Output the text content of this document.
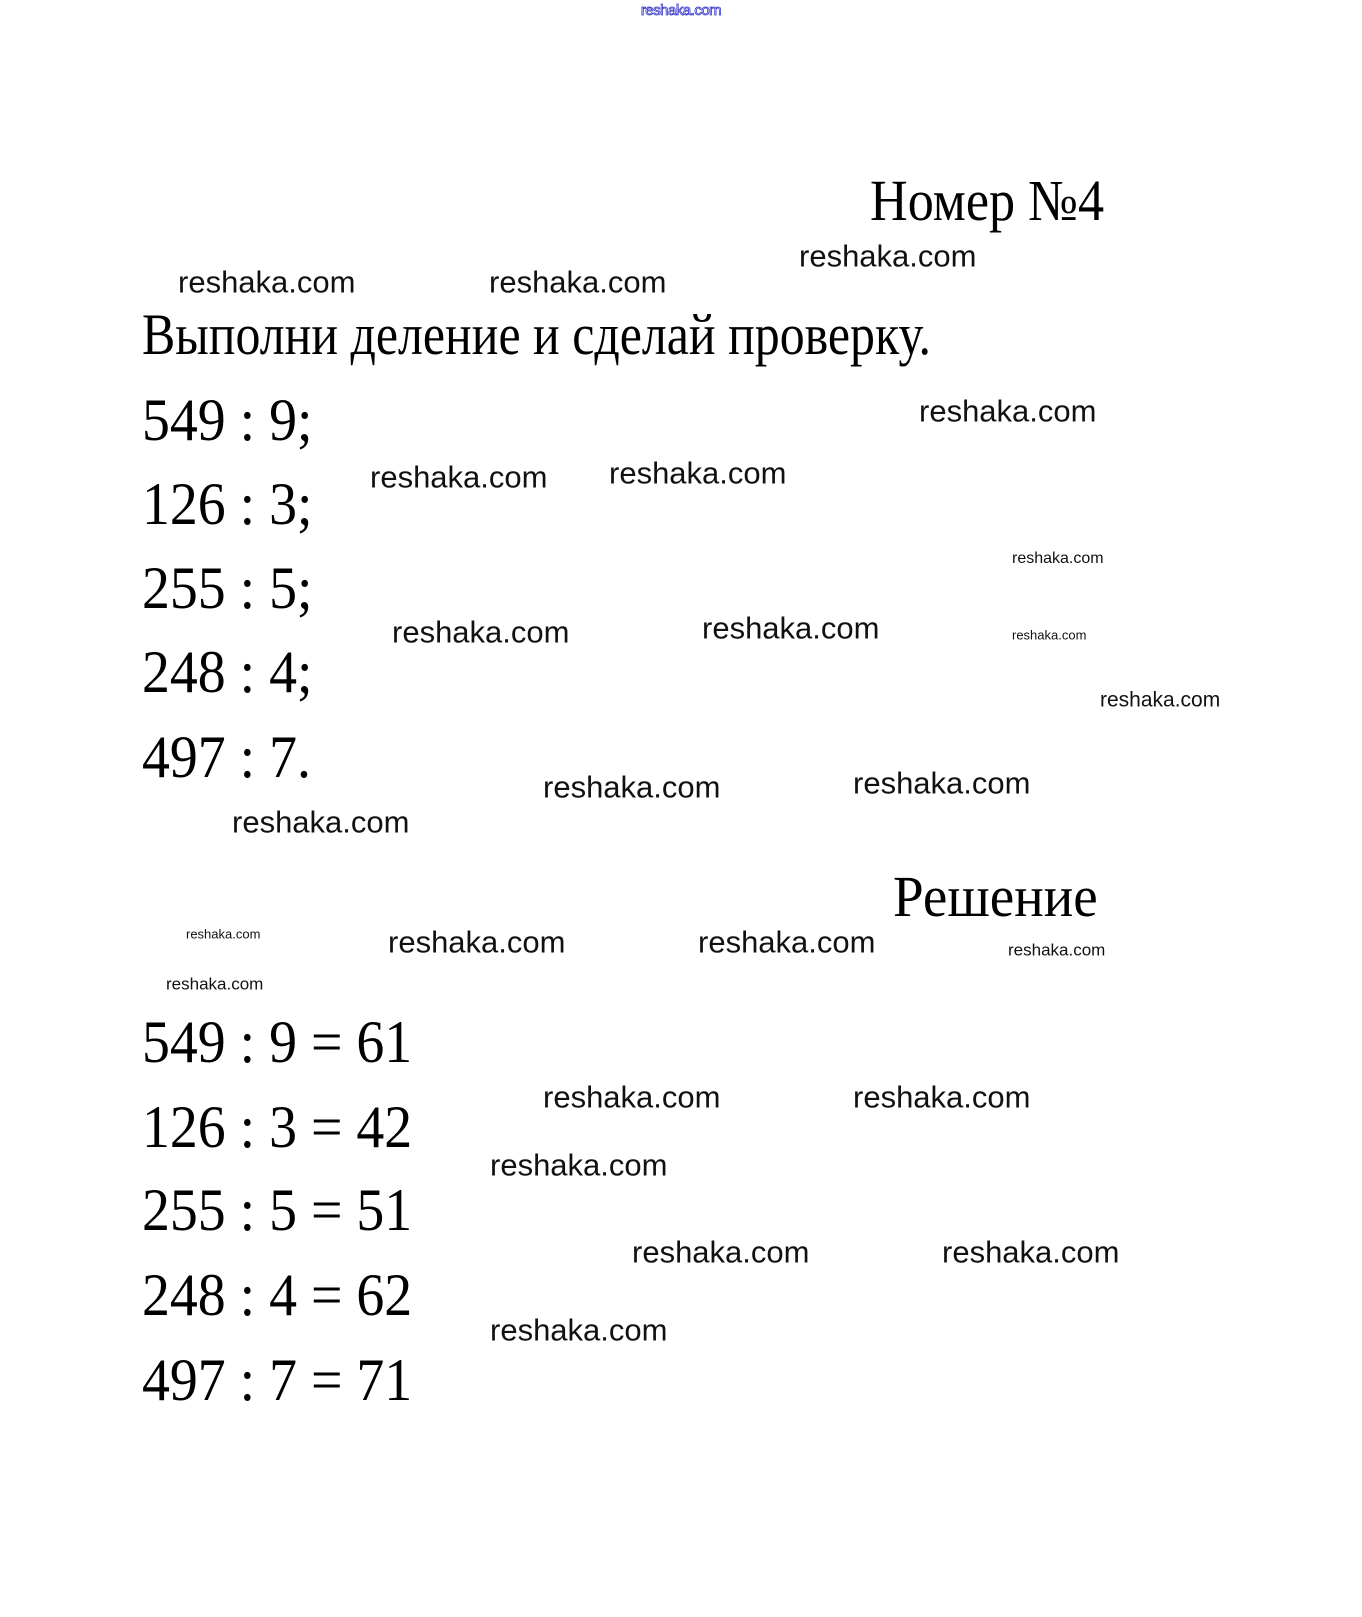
reshaka.com
Номер №4
Выполни деление и сделай проверку.
549 : 9;
126 : 3;
255 : 5;
248 : 4;
497 : 7.
Решение
549 : 9 = 61
126 : 3 = 42
255 : 5 = 51
248 : 4 = 62
497 : 7 = 71
reshaka.com
reshaka.com	reshaka.com
reshaka.com
reshaka.com reshaka.com
reshaka.com
reshaka.com
reshaka.com	reshaka.com	reshaka.com
reshaka.com
reshaka.com	reshaka.com
reshaka.com	reshaka.com	reshaka.com	reshaka.com
reshaka.com
reshaka.com	reshaka.com
reshaka.com
reshaka.com	reshaka.com
reshaka.com
